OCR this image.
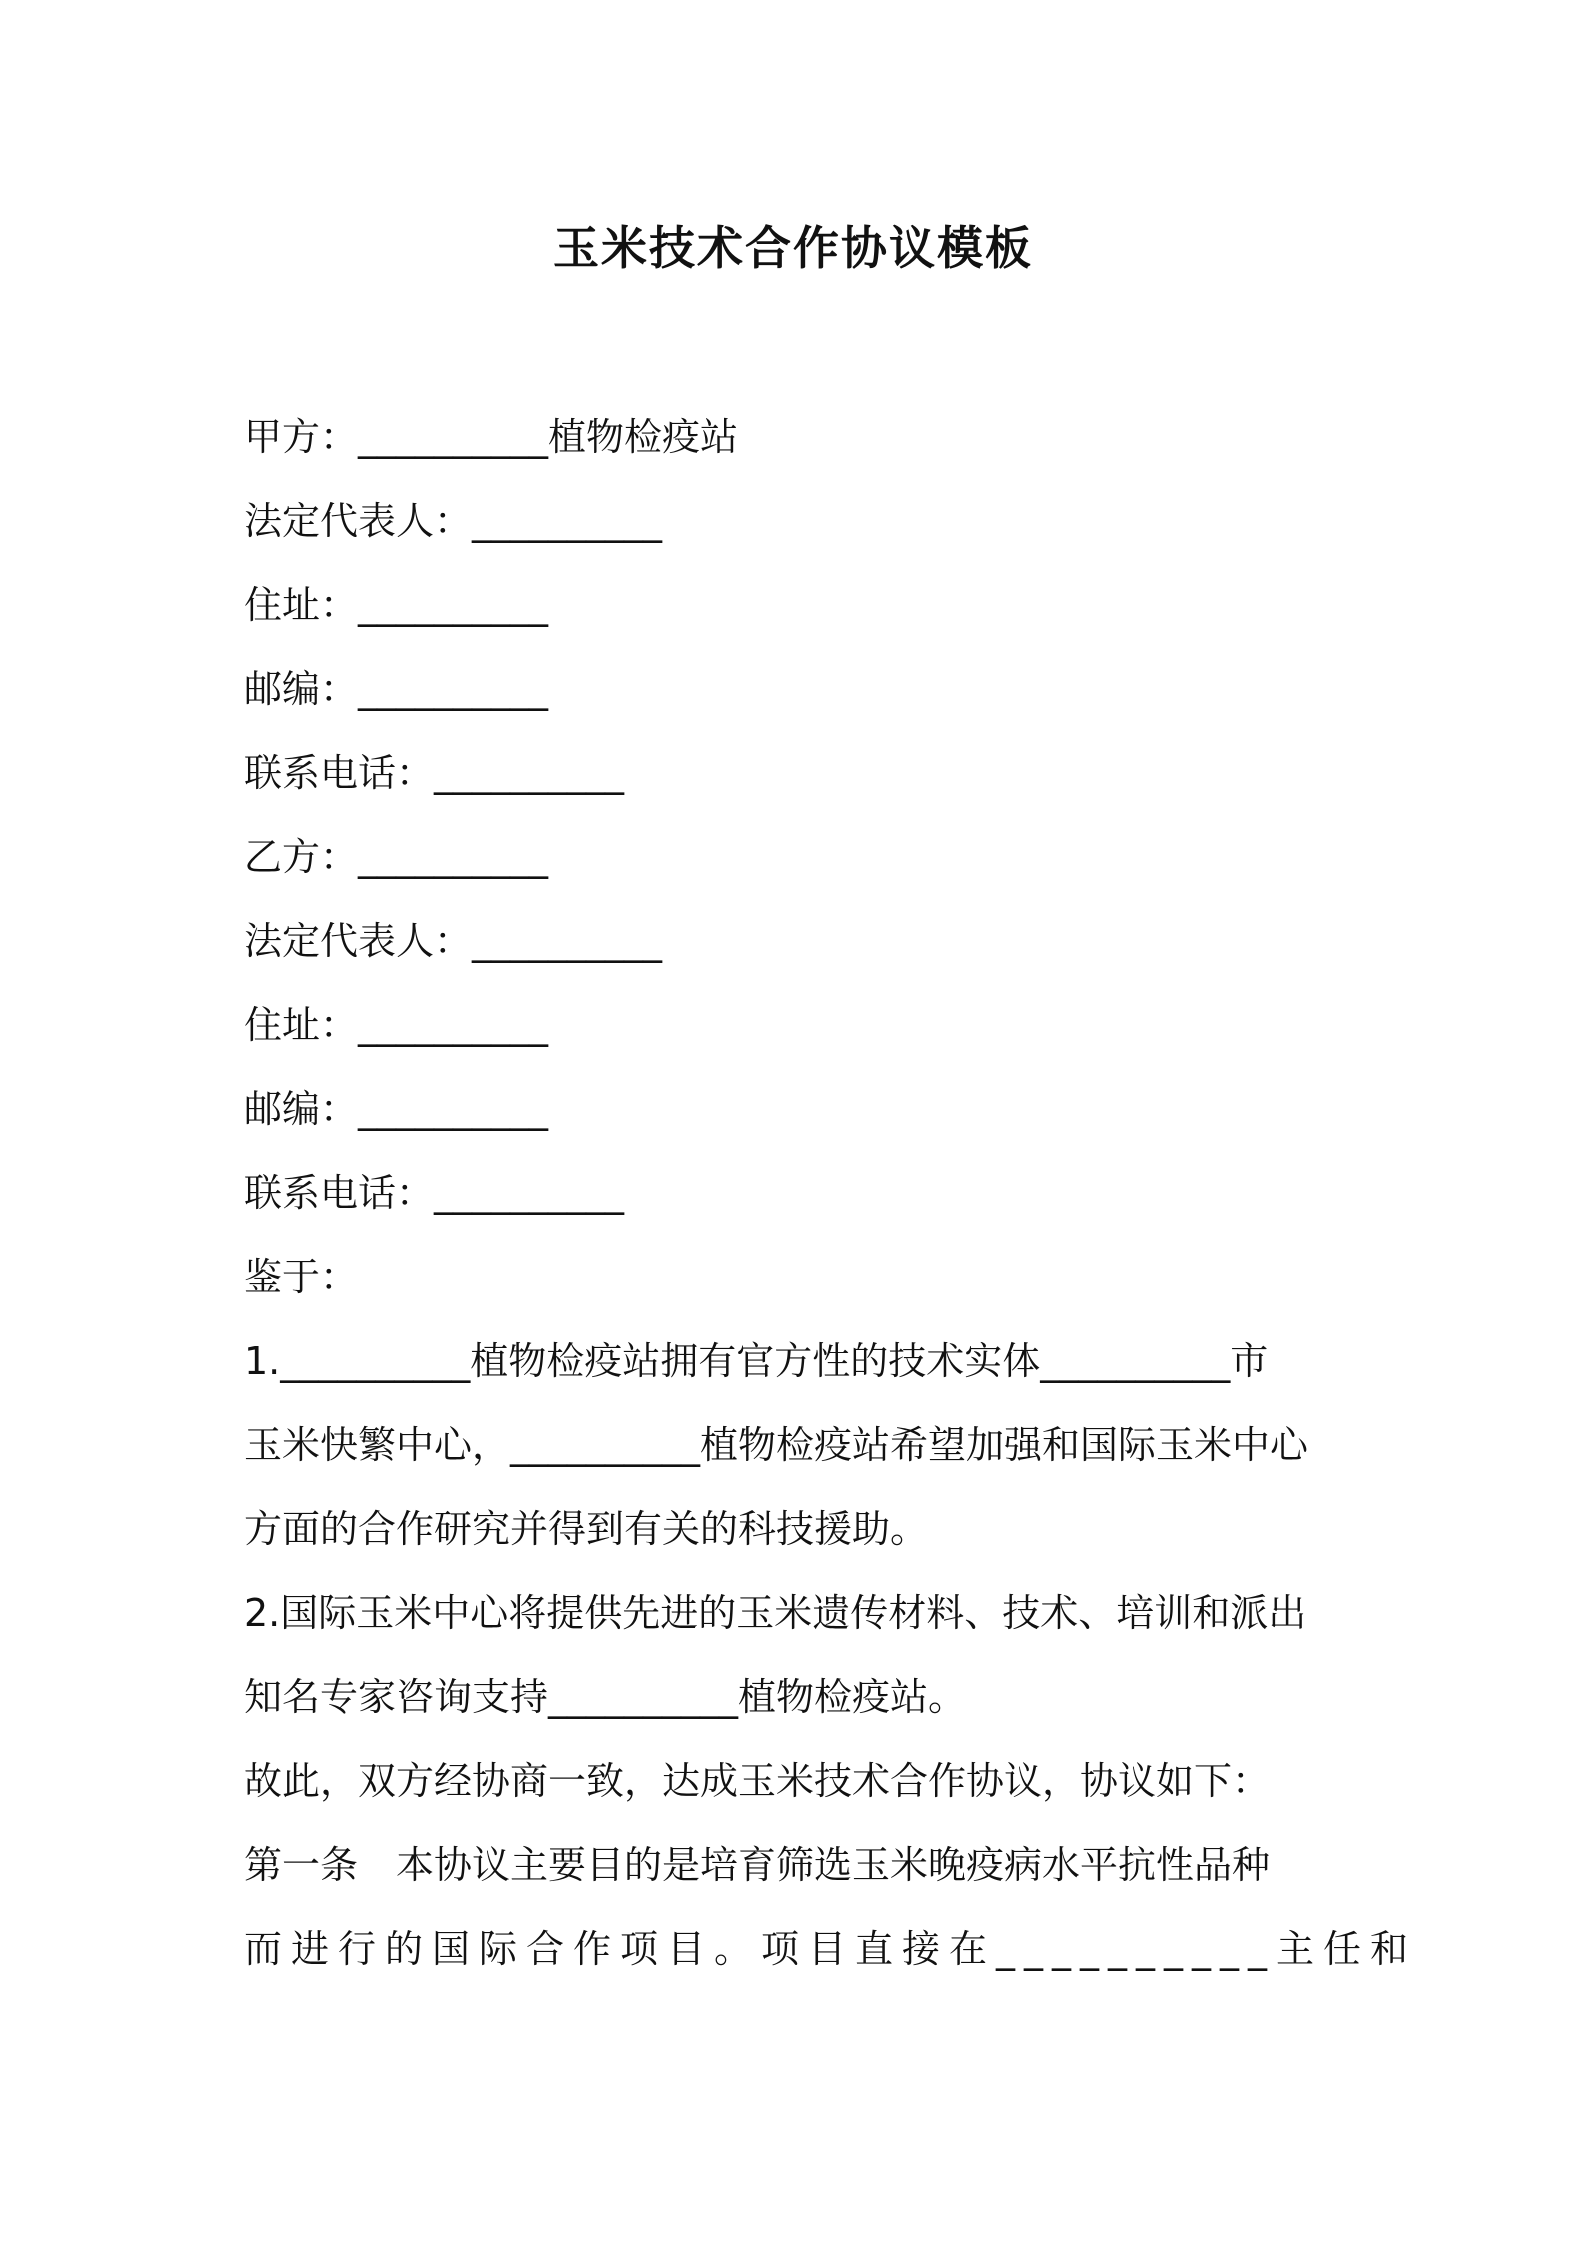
玉米技术合作协议模板
甲方：__________植物检疫站
法定代表人：__________
住址：__________
邮编：__________
联系电话：__________
乙方：__________
法定代表人：__________
住址：__________
邮编：__________
联系电话：__________
鉴于：
1.__________植物检疫站拥有官方性的技术实体__________市
玉米快繁中心，__________植物检疫站希望加强和国际玉米中心
方面的合作研究并得到有关的科技援助。
2.国际玉米中心将提供先进的玉米遗传材料、技术、培训和派出
知名专家咨询支持__________植物检疫站。
故此，双方经协商一致，达成玉米技术合作协议，协议如下：
第一条　本协议主要目的是培育筛选玉米晚疫病水平抗性品种
而进行的国际合作项目。项目直接在__________主任和
